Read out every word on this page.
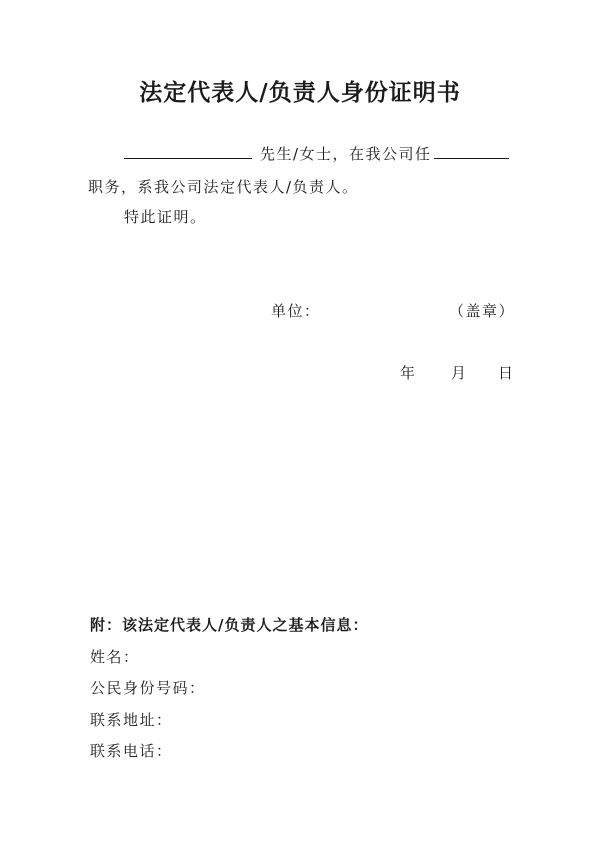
法定代表人/负责人身份证明书
先生/女士，在我公司任
职务，系我公司法定代表人/负责人。
特此证明。
单位：	（盖章）
年 月 日
附：该法定代表人/负责人之基本信息：
姓名：
公民身份号码：
联系地址：
联系电话：
